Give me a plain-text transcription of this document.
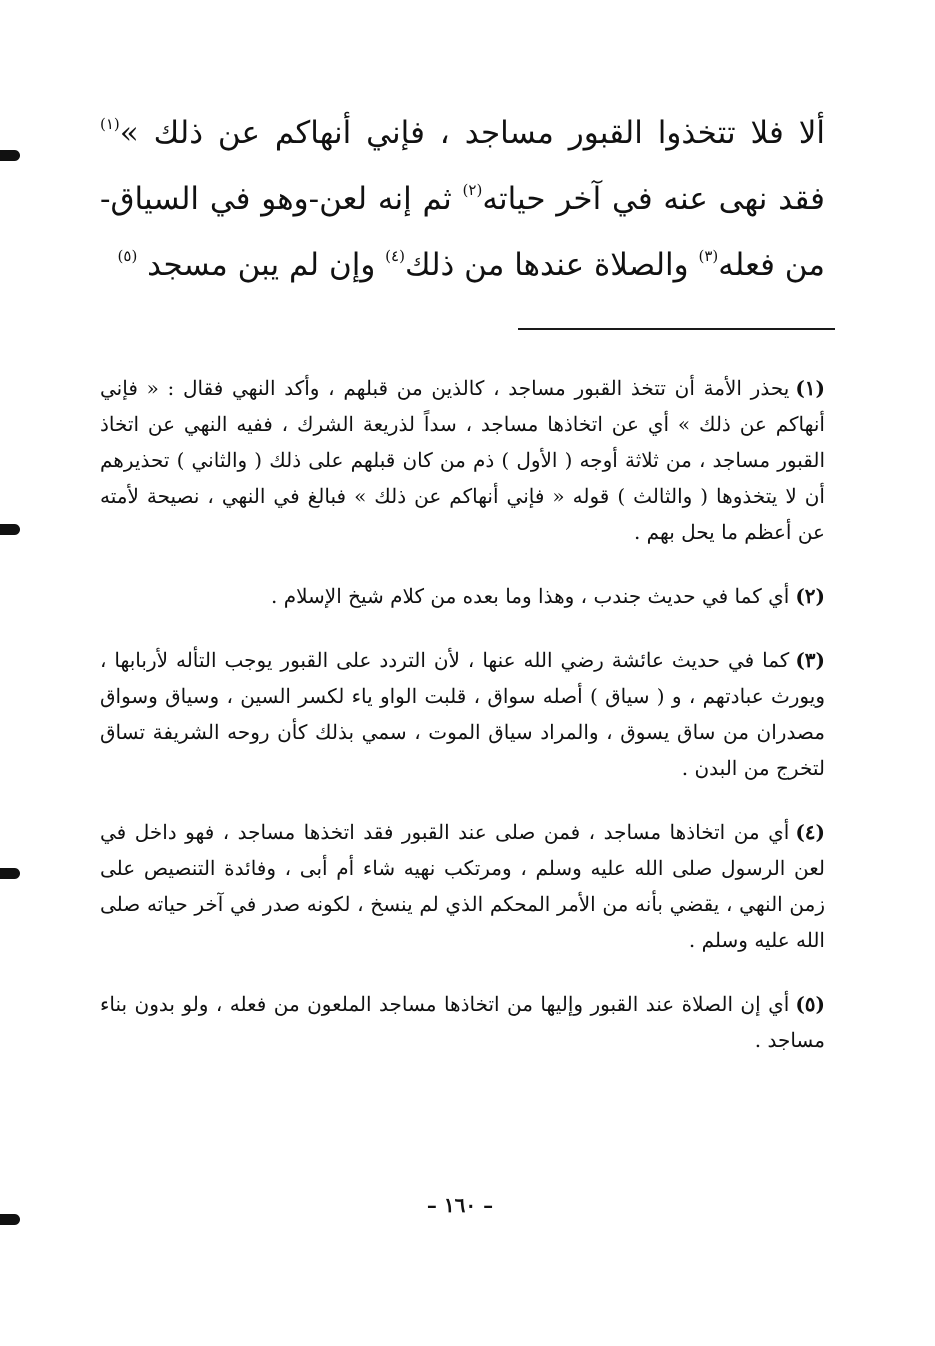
ألا فلا تتخذوا القبور مساجد ، فإني أنهاكم عن ذلك »$^{(١)}$
فقد نهى عنه في آخر حياته$^{(٢)}$ ثم إنه لعن-وهو في السياق-
من فعله$^{(٣)}$ والصلاة عندها من ذلك$^{(٤)}$ وإن لم يبن مسجد $^{(٥)}$

(١)يحذر الأمة أن تتخذ القبور مساجد ، كالذين من قبلهم ، وأكد النهي فقال : « فإني أنهاكم عن ذلك » أي عن اتخاذها مساجد ، سداً لذريعة الشرك ، ففيه النهي عن اتخاذ القبور مساجد ، من ثلاثة أوجه ( الأول ) ذم من كان قبلهم على ذلك ( والثاني ) تحذيرهم أن لا يتخذوها ( والثالث ) قوله « فإني أنهاكم عن ذلك » فبالغ في النهي ، نصيحة لأمته عن أعظم ما يحل بهم .

(٢)أي كما في حديث جندب ، وهذا وما بعده من كلام شيخ الإسلام .

(٣)كما في حديث عائشة رضي الله عنها ، لأن التردد على القبور يوجب التأله لأربابها ، ويورث عبادتهم ، و ( سياق ) أصله سواق ، قلبت الواو ياء لكسر السين ، وسياق وسواق مصدران من ساق يسوق ، والمراد سياق الموت ، سمي بذلك كأن روحه الشريفة تساق لتخرج من البدن .

(٤)أي من اتخاذها مساجد ، فمن صلى عند القبور فقد اتخذها مساجد ، فهو داخل في لعن الرسول صلى الله عليه وسلم ، ومرتكب نهيه شاء أم أبى ، وفائدة التنصيص على زمن النهي ، يقضي بأنه من الأمر المحكم الذي لم ينسخ ، لكونه صدر في آخر حياته صلى الله عليه وسلم .

(٥)أي إن الصلاة عند القبور وإليها من اتخاذها مساجد الملعون من فعله ، ولو بدون بناء مساجد .

– ١٦٠ –
